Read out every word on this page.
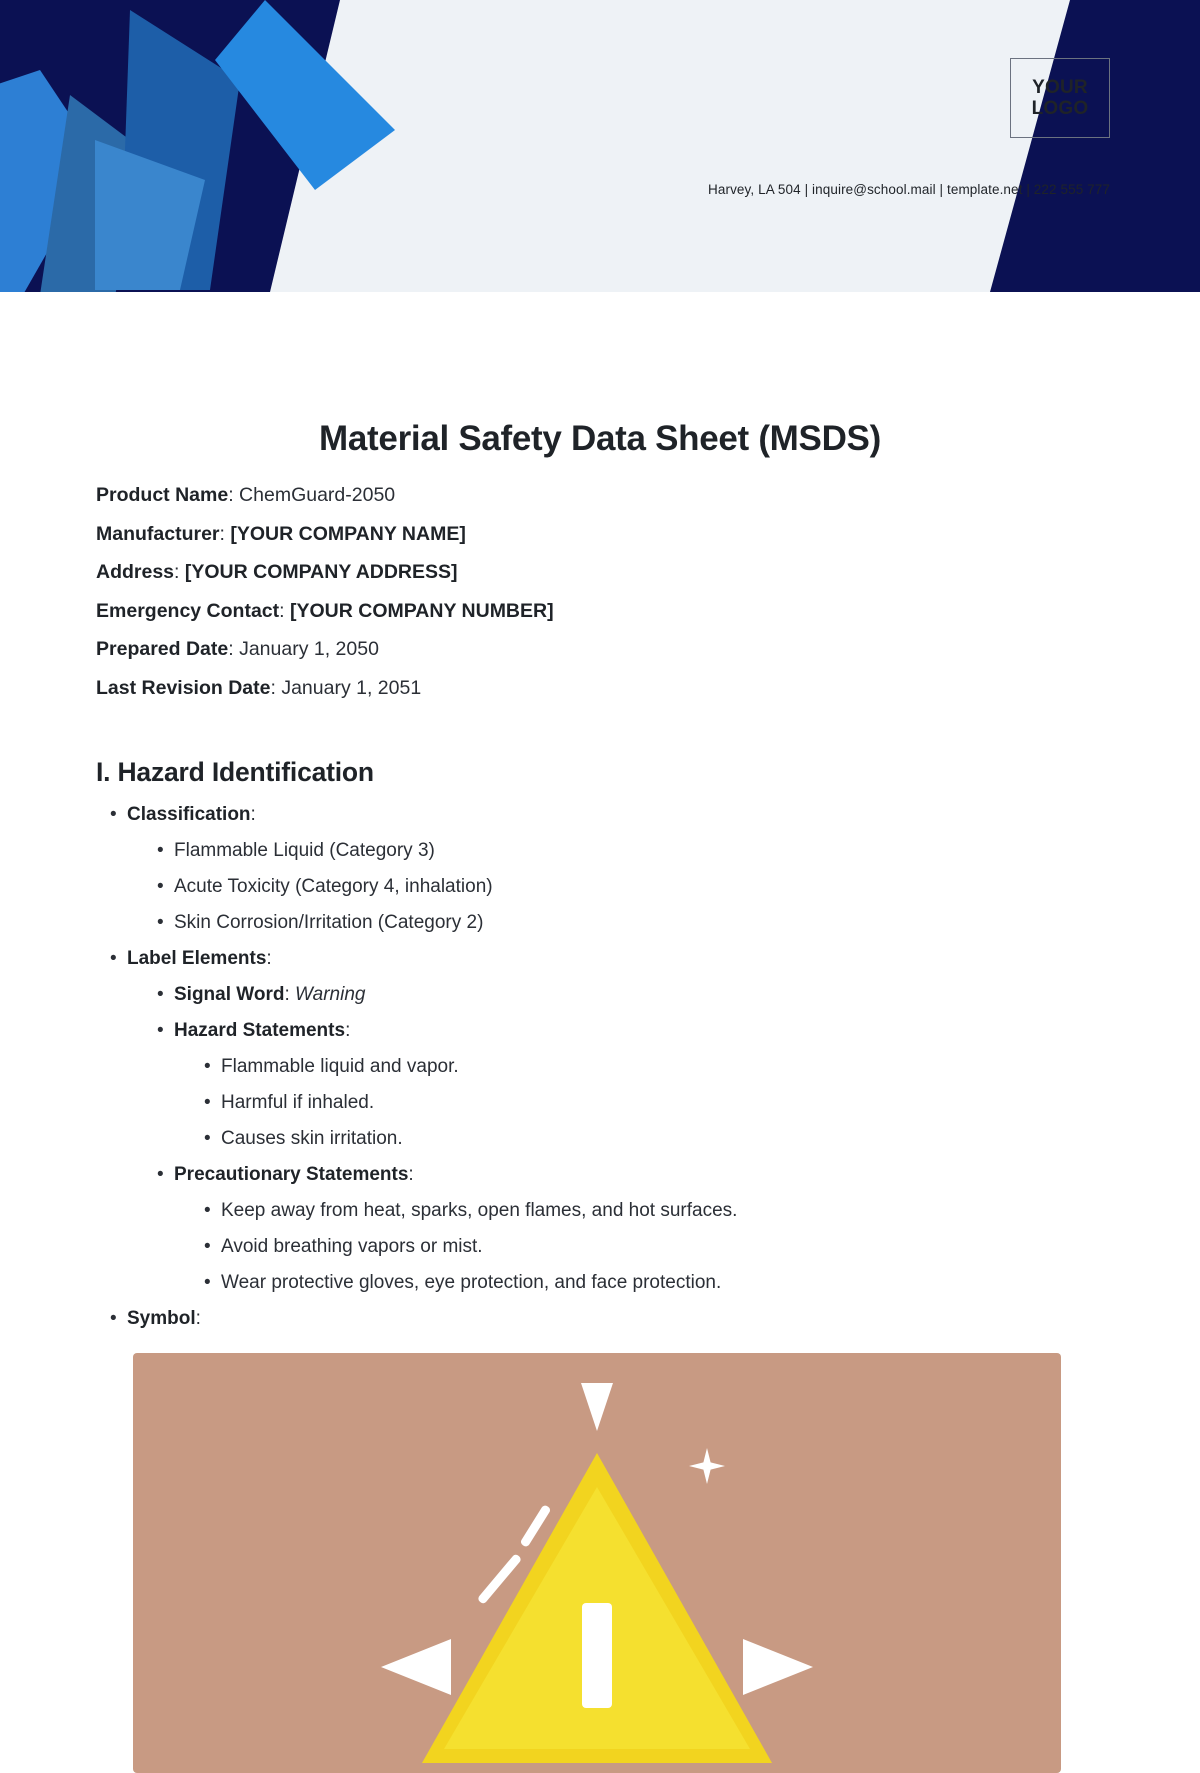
YOUR
LOGO
Harvey, LA 504 | inquire@school.mail | template.net | 222 555 777
Material Safety Data Sheet (MSDS)
Product Name: ChemGuard-2050
Manufacturer: [YOUR COMPANY NAME]
Address: [YOUR COMPANY ADDRESS]
Emergency Contact: [YOUR COMPANY NUMBER]
Prepared Date: January 1, 2050
Last Revision Date: January 1, 2051
I. Hazard Identification
• Classification:
• Flammable Liquid (Category 3)
• Acute Toxicity (Category 4, inhalation)
• Skin Corrosion/Irritation (Category 2)
• Label Elements:
• Signal Word: Warning
• Hazard Statements:
• Flammable liquid and vapor.
• Harmful if inhaled.
• Causes skin irritation.
• Precautionary Statements:
• Keep away from heat, sparks, open flames, and hot surfaces.
• Avoid breathing vapors or mist.
• Wear protective gloves, eye protection, and face protection.
• Symbol:
